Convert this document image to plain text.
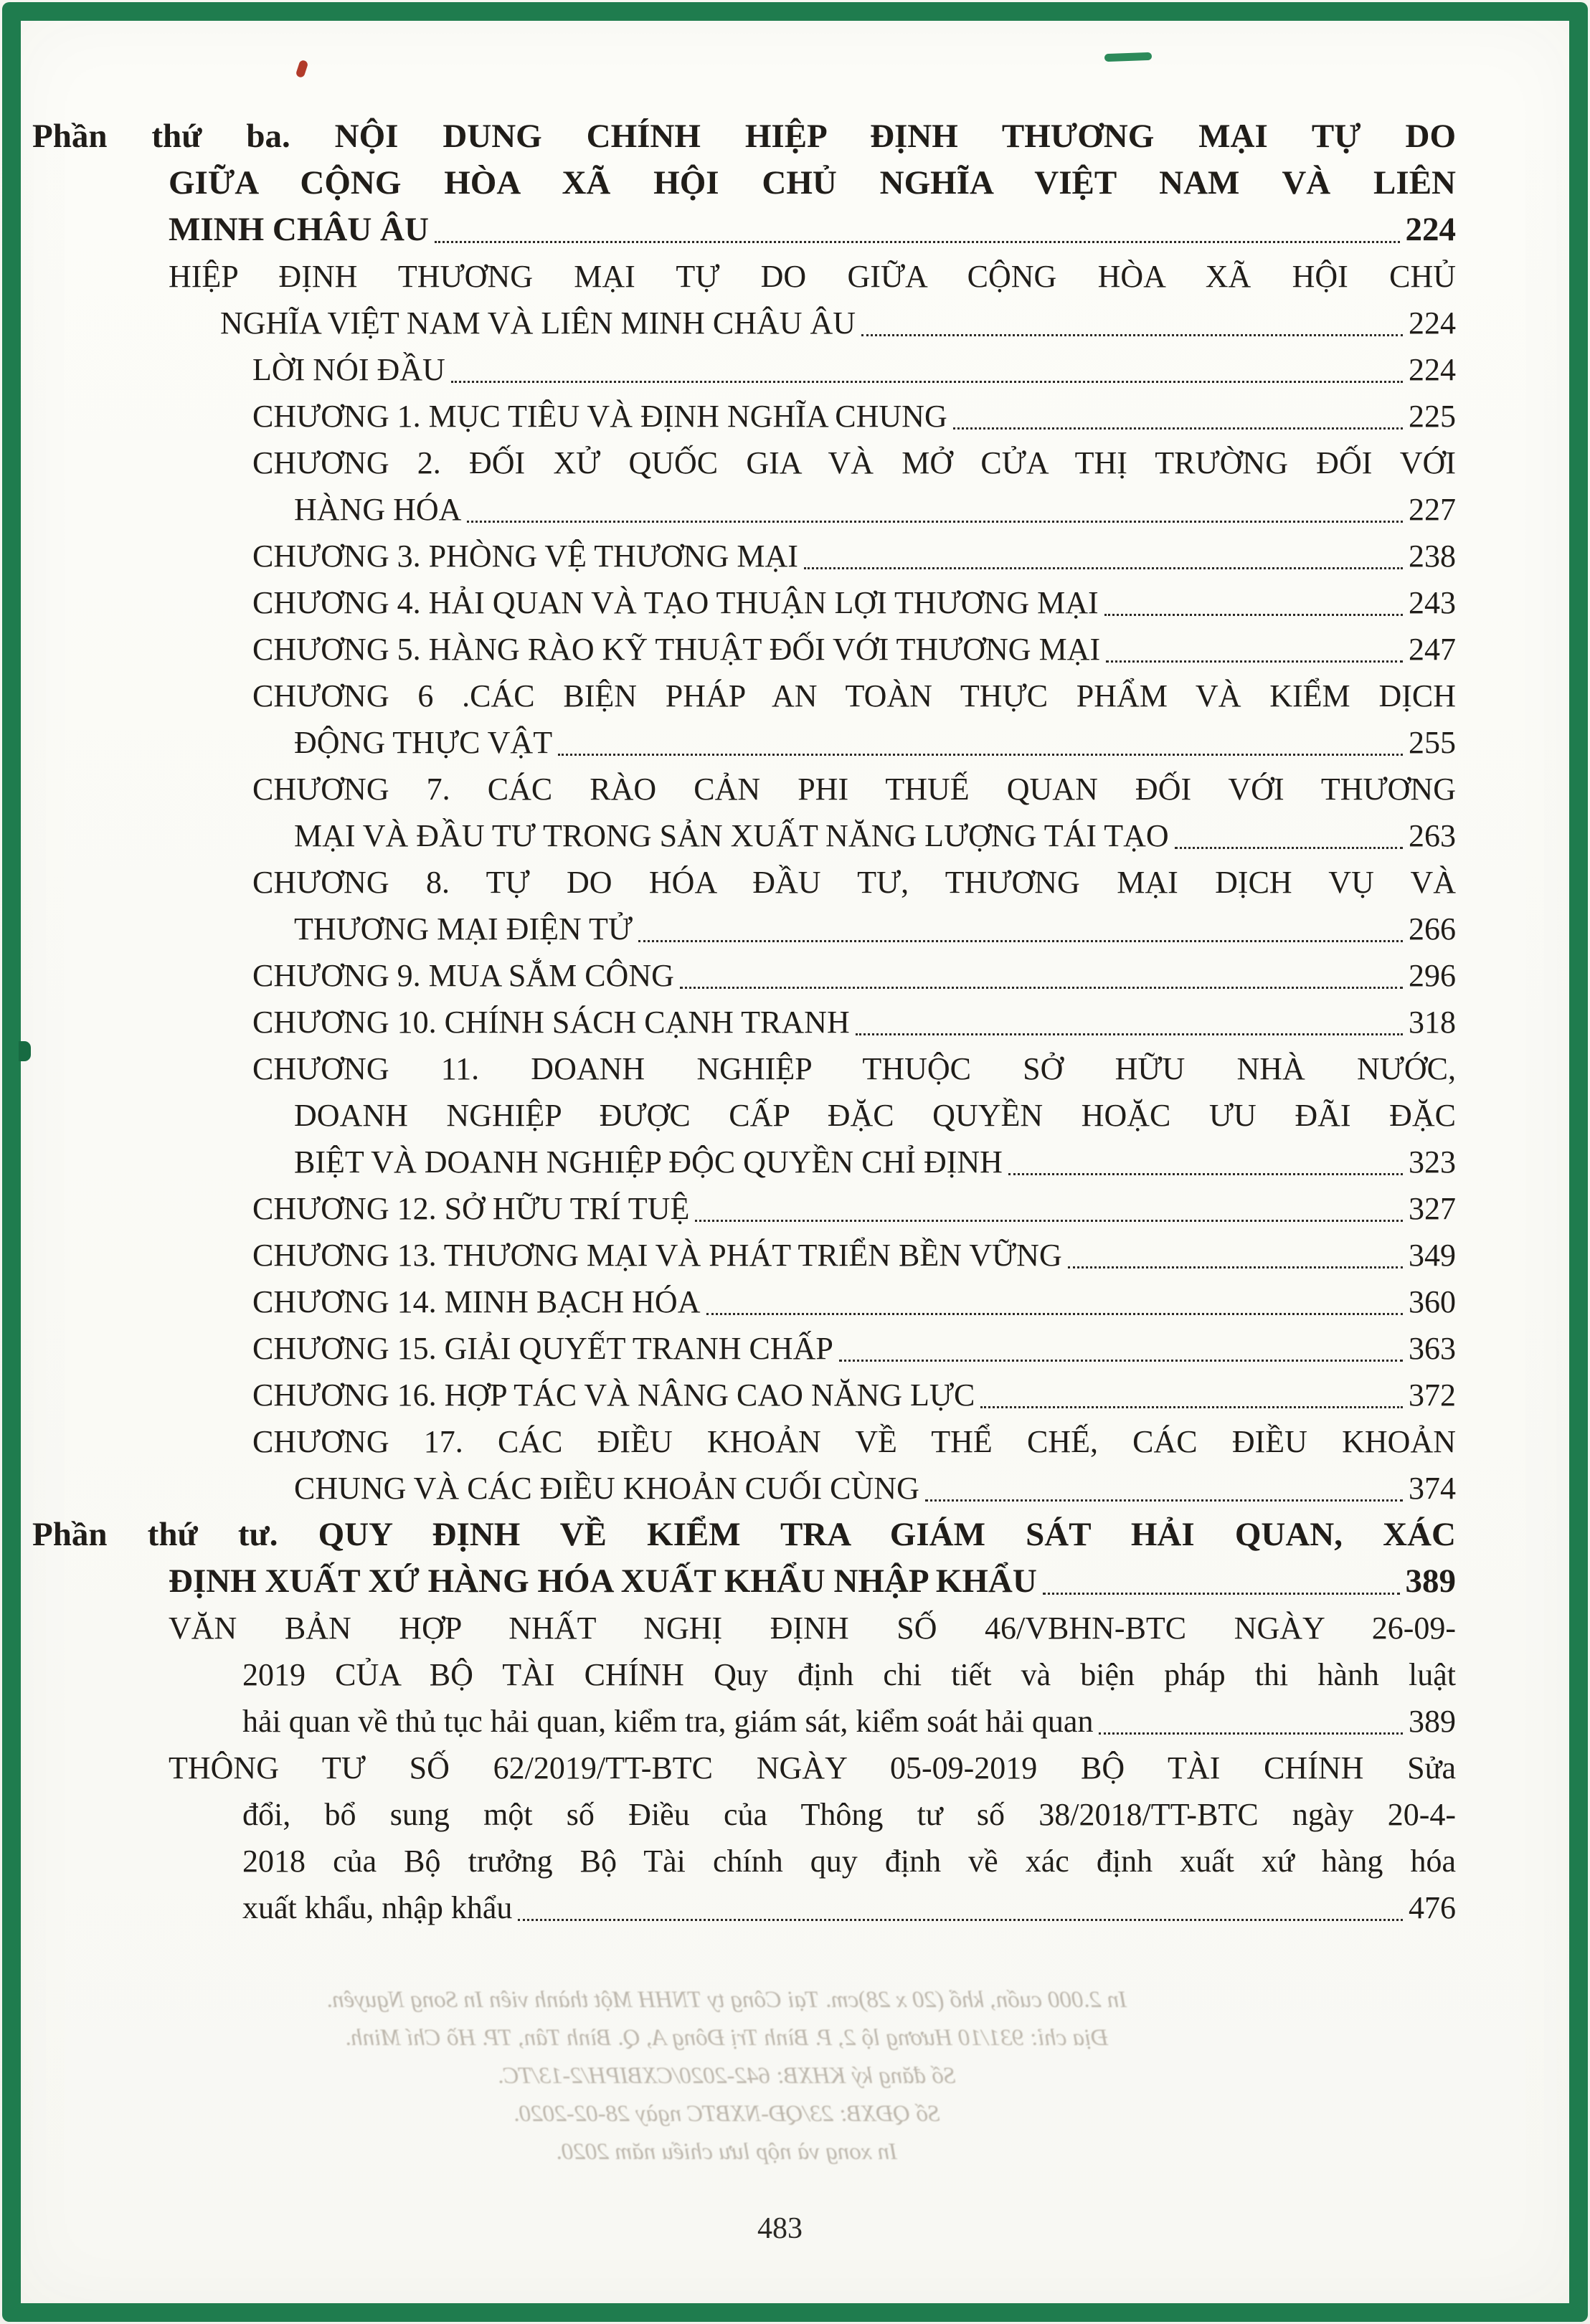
Phần thứ ba. NỘI DUNG CHÍNH HIỆP ĐỊNH THƯƠNG MẠI TỰ DO
GIỮA CỘNG HÒA XÃ HỘI CHỦ NGHĨA VIỆT NAM VÀ LIÊN
MINH CHÂU ÂU	224
HIỆP ĐỊNH THƯƠNG MẠI TỰ DO GIỮA CỘNG HÒA XÃ HỘI CHỦ
NGHĨA VIỆT NAM VÀ LIÊN MINH CHÂU ÂU	224
LỜI NÓI ĐẦU	224
CHƯƠNG 1. MỤC TIÊU VÀ ĐỊNH NGHĨA CHUNG	225
CHƯƠNG 2. ĐỐI XỬ QUỐC GIA VÀ MỞ CỬA THỊ TRƯỜNG ĐỐI VỚI
HÀNG HÓA	227
CHƯƠNG 3. PHÒNG VỆ THƯƠNG MẠI	238
CHƯƠNG 4. HẢI QUAN VÀ TẠO THUẬN LỢI THƯƠNG MẠI	243
CHƯƠNG 5. HÀNG RÀO KỸ THUẬT ĐỐI VỚI THƯƠNG MẠI	247
CHƯƠNG 6 .CÁC BIỆN PHÁP AN TOÀN THỰC PHẨM VÀ KIỂM DỊCH
ĐỘNG THỰC VẬT	255
CHƯƠNG 7. CÁC RÀO CẢN PHI THUẾ QUAN ĐỐI VỚI THƯƠNG
MẠI VÀ ĐẦU TƯ TRONG SẢN XUẤT NĂNG LƯỢNG TÁI TẠO	263
CHƯƠNG 8. TỰ DO HÓA ĐẦU TƯ, THƯƠNG MẠI DỊCH VỤ VÀ
THƯƠNG MẠI ĐIỆN TỬ	266
CHƯƠNG 9. MUA SẮM CÔNG	296
CHƯƠNG 10. CHÍNH SÁCH CẠNH TRANH	318
CHƯƠNG 11. DOANH NGHIỆP THUỘC SỞ HỮU NHÀ NƯỚC,
DOANH NGHIỆP ĐƯỢC CẤP ĐẶC QUYỀN HOẶC ƯU ĐÃI ĐẶC
BIỆT VÀ DOANH NGHIỆP ĐỘC QUYỀN CHỈ ĐỊNH	323
CHƯƠNG 12. SỞ HỮU TRÍ TUỆ	327
CHƯƠNG 13. THƯƠNG MẠI VÀ PHÁT TRIỂN BỀN VỮNG	349
CHƯƠNG 14. MINH BẠCH HÓA	360
CHƯƠNG 15. GIẢI QUYẾT TRANH CHẤP	363
CHƯƠNG 16. HỢP TÁC VÀ NÂNG CAO NĂNG LỰC	372
CHƯƠNG 17. CÁC ĐIỀU KHOẢN VỀ THỂ CHẾ, CÁC ĐIỀU KHOẢN
CHUNG VÀ CÁC ĐIỀU KHOẢN CUỐI CÙNG	374
Phần thứ tư. QUY ĐỊNH VỀ KIỂM TRA GIÁM SÁT HẢI QUAN, XÁC
ĐỊNH XUẤT XỨ HÀNG HÓA XUẤT KHẨU NHẬP KHẨU	389
VĂN BẢN HỢP NHẤT NGHỊ ĐỊNH SỐ 46/VBHN-BTC NGÀY 26-09-
2019 CỦA BỘ TÀI CHÍNH Quy định chi tiết và biện pháp thi hành luật
hải quan về thủ tục hải quan, kiểm tra, giám sát, kiểm soát hải quan	389
THÔNG TƯ SỐ 62/2019/TT-BTC NGÀY 05-09-2019 BỘ TÀI CHÍNH Sửa
đổi, bổ sung một số Điều của Thông tư số 38/2018/TT-BTC ngày 20-4-
2018 của Bộ trưởng Bộ Tài chính quy định về xác định xuất xứ hàng hóa
xuất khẩu, nhập khẩu	476
In 2.000 cuốn, khổ (20 x 28)cm. Tại Công ty TNHH Một thành viên In Song Nguyên.
Địa chỉ: 931/10 Hương lộ 2, P. Bình Trị Đông A, Q. Bình Tân, TP. Hồ Chí Minh.
Số đăng ký KHXB: 642-2020/CXBIPH/2-13/TC.
Số QĐXB: 23/QĐ-NXBTC ngày 28-02-2020.
In xong và nộp lưu chiểu năm 2020.
483
